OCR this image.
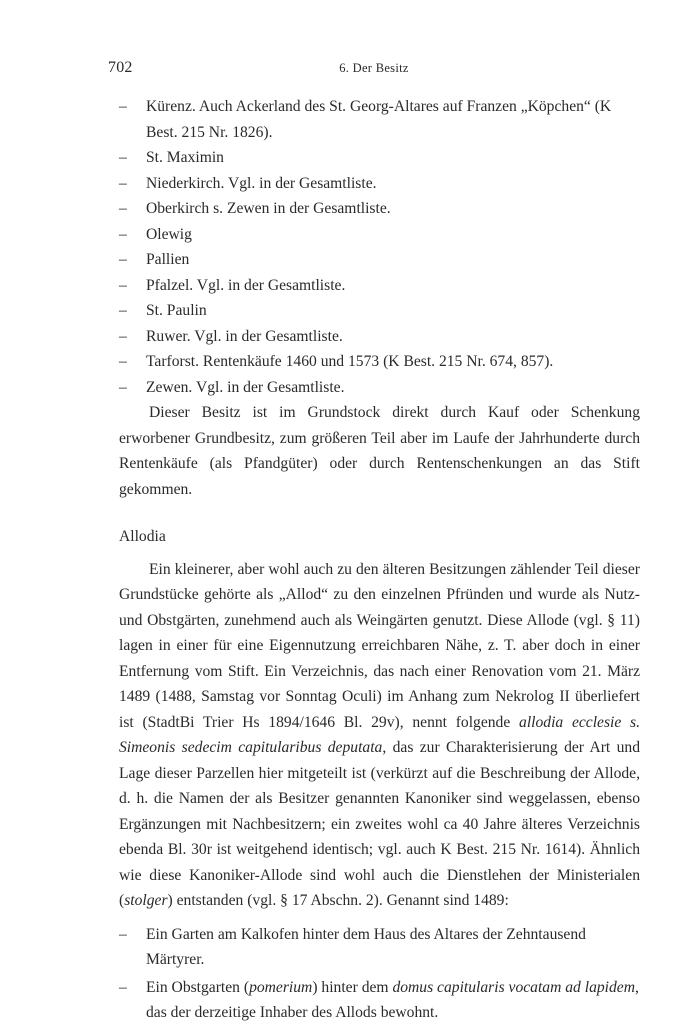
702	6. Der Besitz
–	Kürenz. Auch Ackerland des St. Georg-Altares auf Franzen „Köpchen“ (K Best. 215 Nr. 1826).
–	St. Maximin
–	Niederkirch. Vgl. in der Gesamtliste.
–	Oberkirch s. Zewen in der Gesamtliste.
–	Olewig
–	Pallien
–	Pfalzel. Vgl. in der Gesamtliste.
–	St. Paulin
–	Ruwer. Vgl. in der Gesamtliste.
–	Tarforst. Rentenkäufe 1460 und 1573 (K Best. 215 Nr. 674, 857).
–	Zewen. Vgl. in der Gesamtliste.

Dieser Besitz ist im Grundstock direkt durch Kauf oder Schenkung erworbener Grundbesitz, zum größeren Teil aber im Laufe der Jahrhunderte durch Rentenkäufe (als Pfandgüter) oder durch Rentenschenkungen an das Stift gekommen.

Allodia

Ein kleinerer, aber wohl auch zu den älteren Besitzungen zählender Teil dieser Grundstücke gehörte als „Allod“ zu den einzelnen Pfründen und wurde als Nutz- und Obstgärten, zunehmend auch als Weingärten genutzt. Diese Allode (vgl. § 11) lagen in einer für eine Eigennutzung erreichbaren Nähe, z. T. aber doch in einer Entfernung vom Stift. Ein Verzeichnis, das nach einer Renovation vom 21. März 1489 (1488, Samstag vor Sonntag Oculi) im Anhang zum Nekrolog II überliefert ist (StadtBi Trier Hs 1894/1646 Bl. 29v), nennt folgende allodia ecclesie s. Simeonis sedecim capitularibus deputata, das zur Charakterisierung der Art und Lage dieser Parzellen hier mitgeteilt ist (verkürzt auf die Beschreibung der Allode, d. h. die Namen der als Besitzer genannten Kanoniker sind weggelassen, ebenso Ergänzungen mit Nachbesitzern; ein zweites wohl ca 40 Jahre älteres Verzeichnis ebenda Bl. 30r ist weitgehend identisch; vgl. auch K Best. 215 Nr. 1614). Ähnlich wie diese Kanoniker-Allode sind wohl auch die Dienstlehen der Ministerialen (stolger) entstanden (vgl. § 17 Abschn. 2). Genannt sind 1489:

–	Ein Garten am Kalkofen hinter dem Haus des Altares der Zehntausend Märtyrer.
–	Ein Obstgarten (pomerium) hinter dem domus capitularis vocatam ad lapidem, das der derzeitige Inhaber des Allods bewohnt.
